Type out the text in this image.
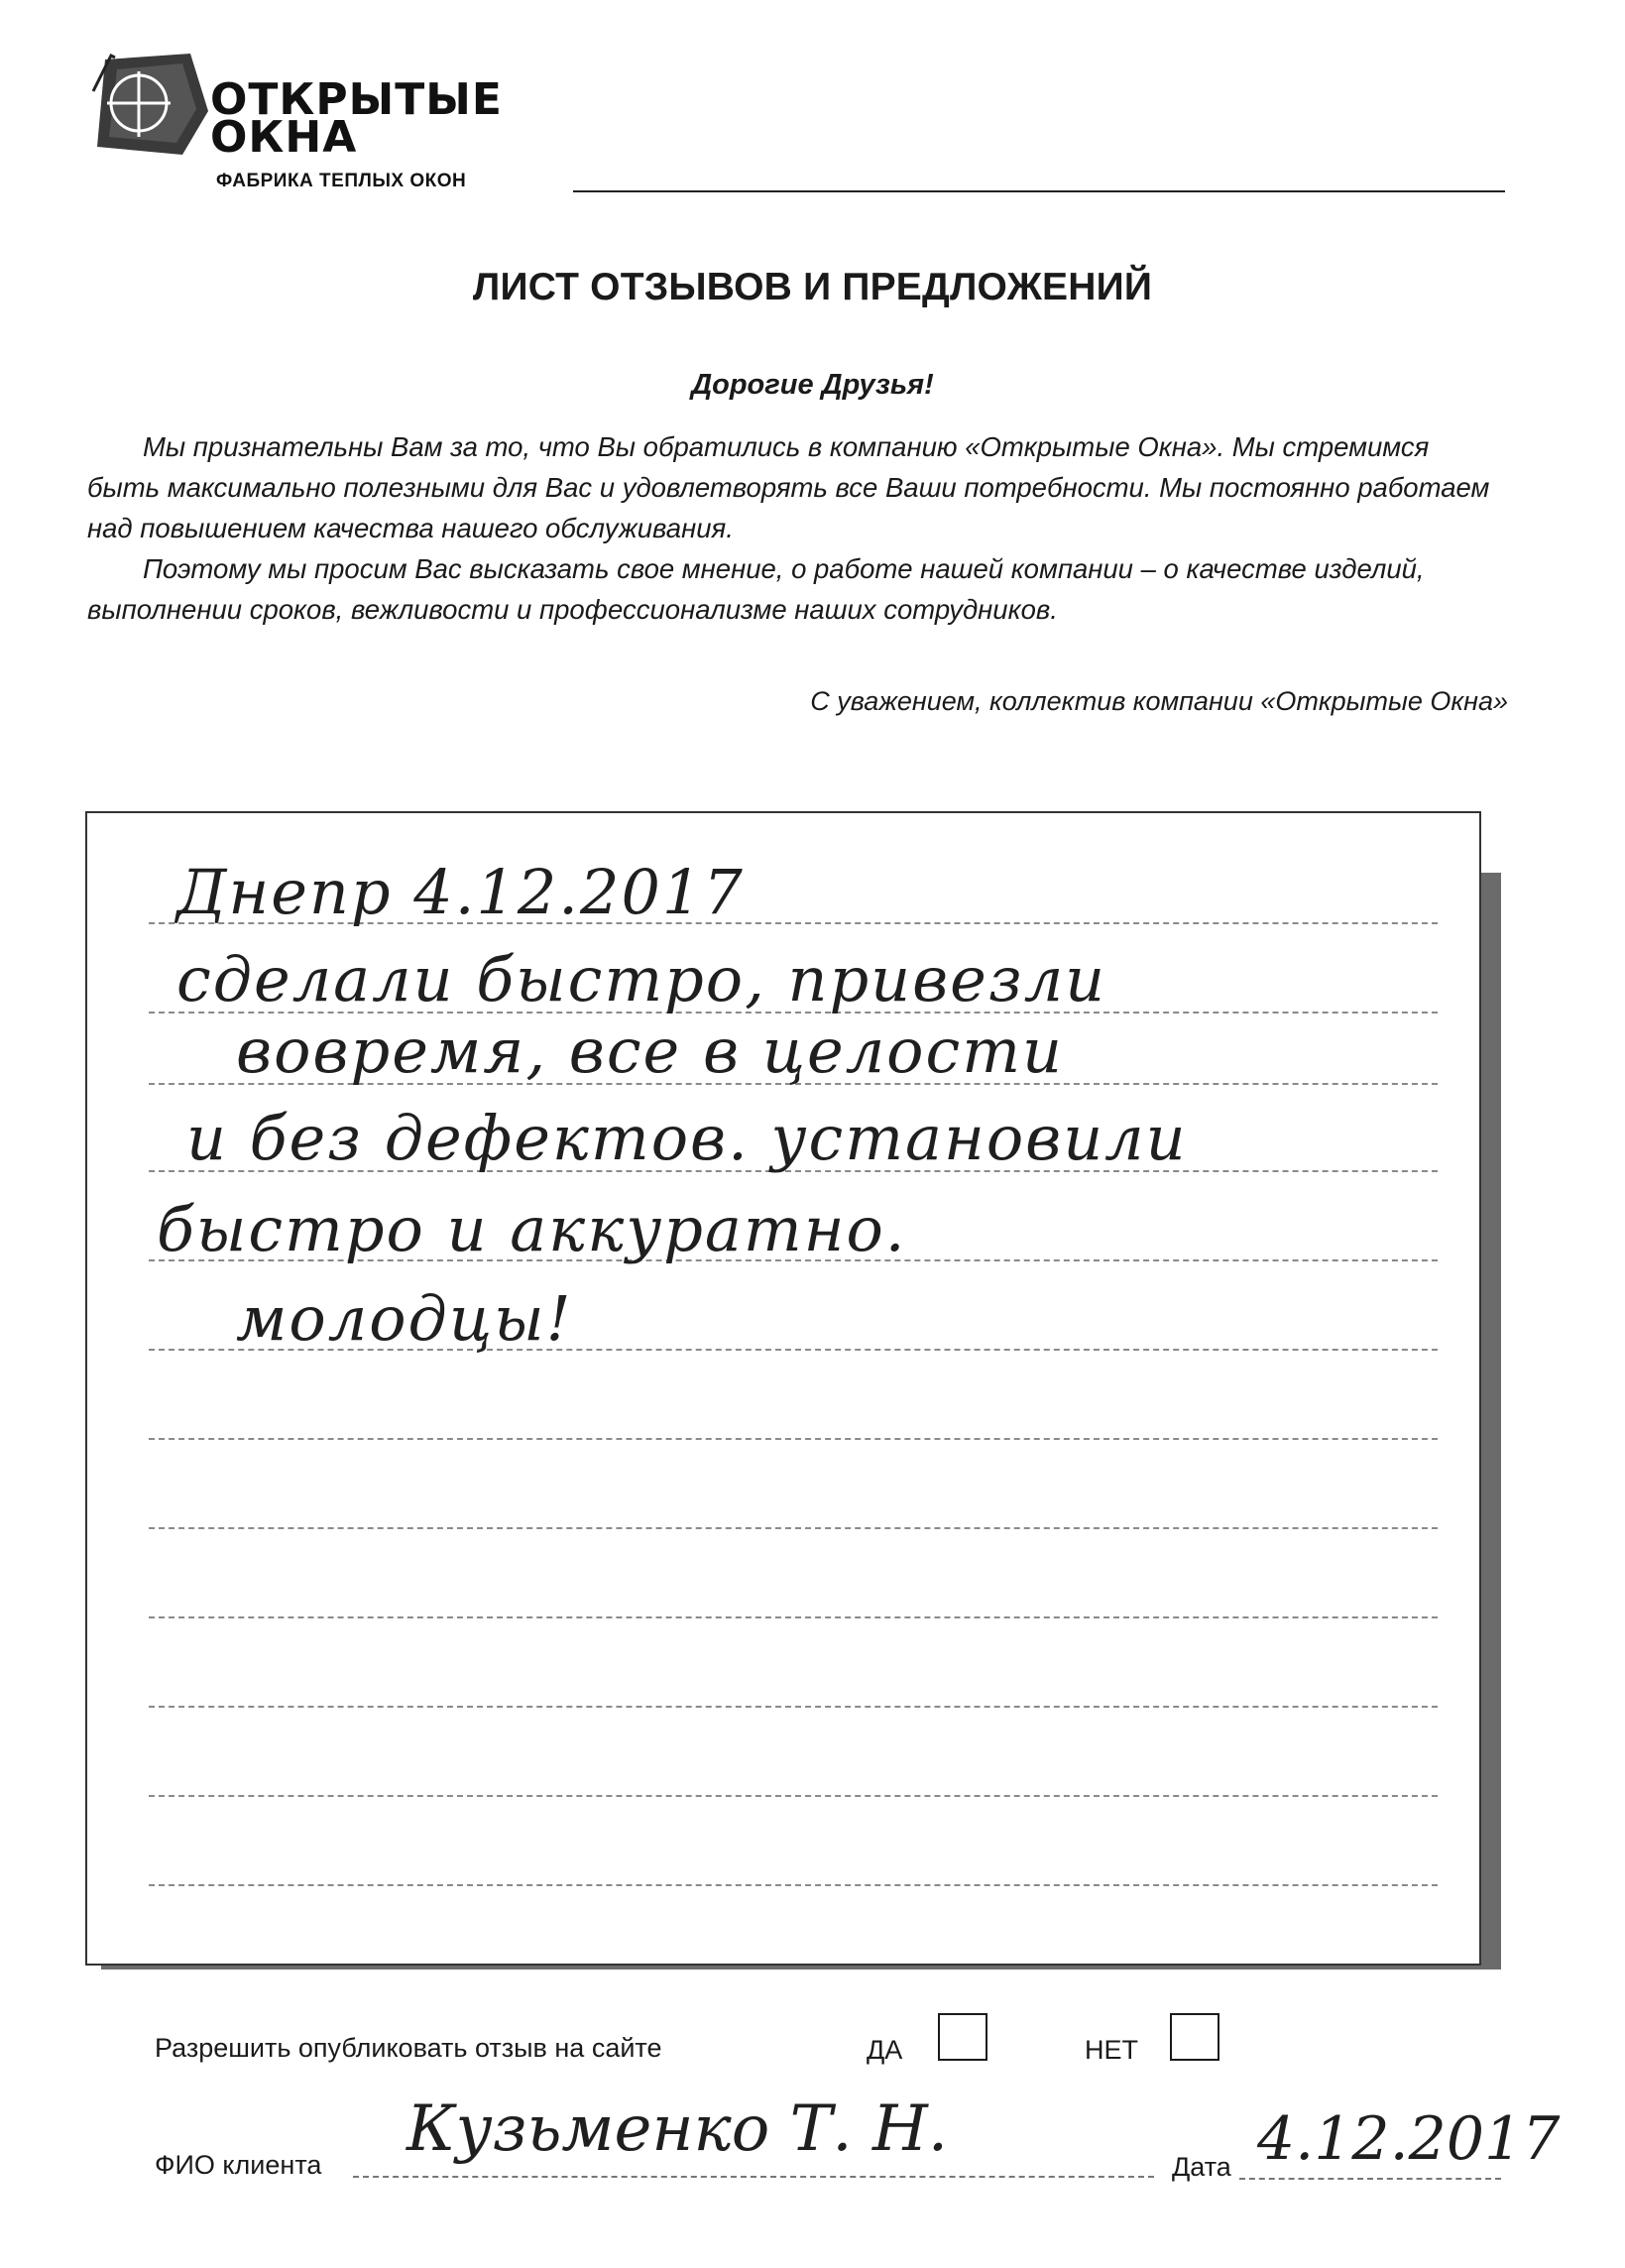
ОТКРЫТЫЕ
ОКНА
ФАБРИКА ТЕПЛЫХ ОКОН
ЛИСТ ОТЗЫВОВ И ПРЕДЛОЖЕНИЙ
Дорогие Друзья!

Мы признательны Вам за то, что Вы обратились в компанию «Открытые Окна». Мы стремимся быть максимально полезными для Вас и удовлетворять все Ваши потребности. Мы постоянно работаем над повышением качества нашего обслуживания.

Поэтому мы просим Вас высказать свое мнение, о работе нашей компании – о качестве изделий, выполнении сроков, вежливости и профессионализме наших сотрудников.

С уважением, коллектив компании «Открытые Окна»
Днепр 4.12.2017
сделали быстро, привезли
вовремя, все в целости
и без дефектов. установили
быстро и аккуратно.
молодцы!
Разрешить опубликовать отзыв на сайте	ДА	НЕТ
ФИО клиента Кузьменко Т. Н.
Дата 4.12.2017
